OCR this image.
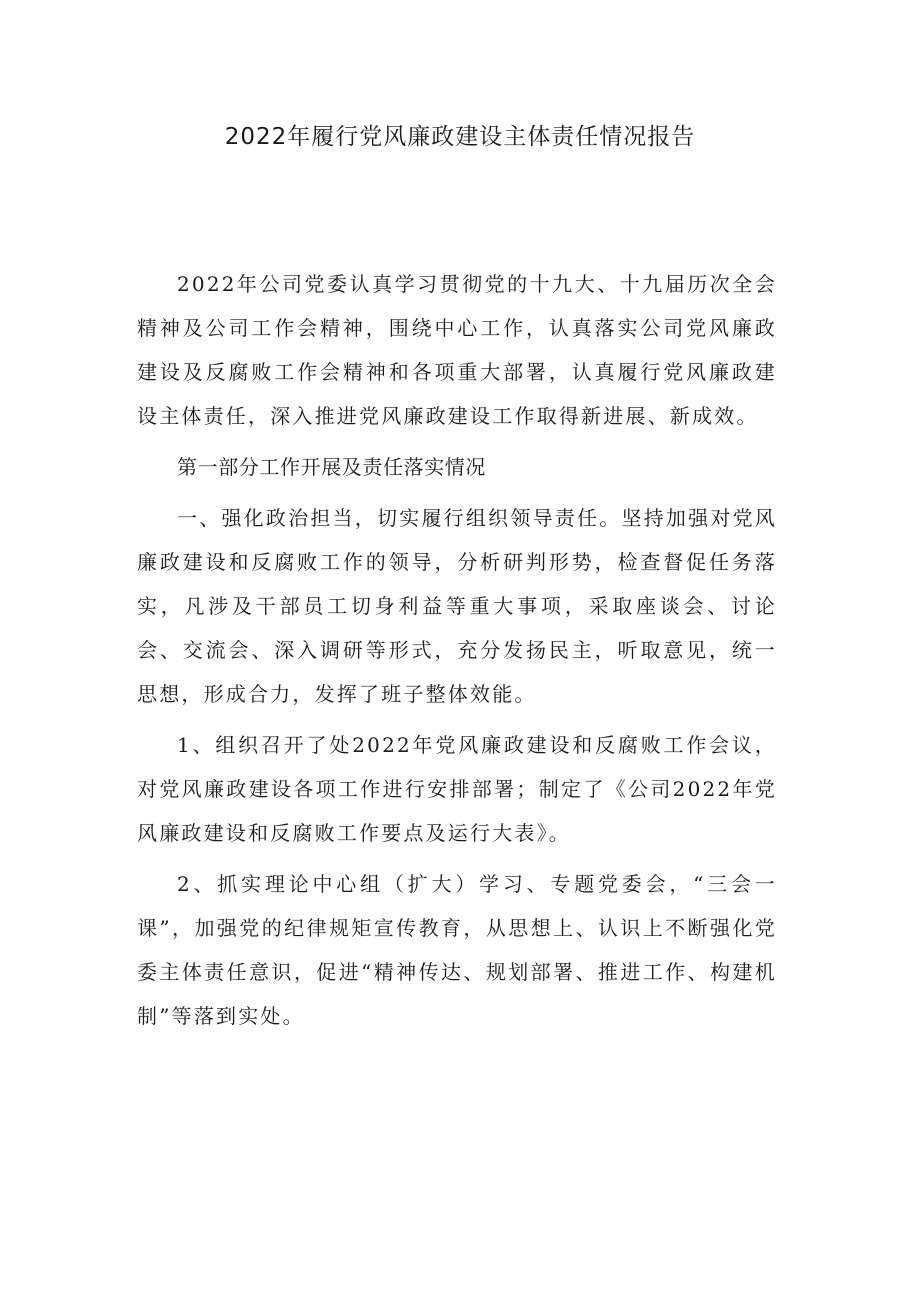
2022年履行党风廉政建设主体责任情况报告

2022年公司党委认真学习贯彻党的十九大、十九届历次全会精神及公司工作会精神，围绕中心工作，认真落实公司党风廉政建设及反腐败工作会精神和各项重大部署，认真履行党风廉政建设主体责任，深入推进党风廉政建设工作取得新进展、新成效。

第一部分工作开展及责任落实情况

一、强化政治担当，切实履行组织领导责任。坚持加强对党风廉政建设和反腐败工作的领导，分析研判形势，检查督促任务落实，凡涉及干部员工切身利益等重大事项，采取座谈会、讨论会、交流会、深入调研等形式，充分发扬民主，听取意见，统一思想，形成合力，发挥了班子整体效能。

1、组织召开了处2022年党风廉政建设和反腐败工作会议，对党风廉政建设各项工作进行安排部署；制定了《公司2022年党风廉政建设和反腐败工作要点及运行大表》。

2、抓实理论中心组（扩大）学习、专题党委会，“三会一课”，加强党的纪律规矩宣传教育，从思想上、认识上不断强化党委主体责任意识，促进“精神传达、规划部署、推进工作、构建机制”等落到实处。
